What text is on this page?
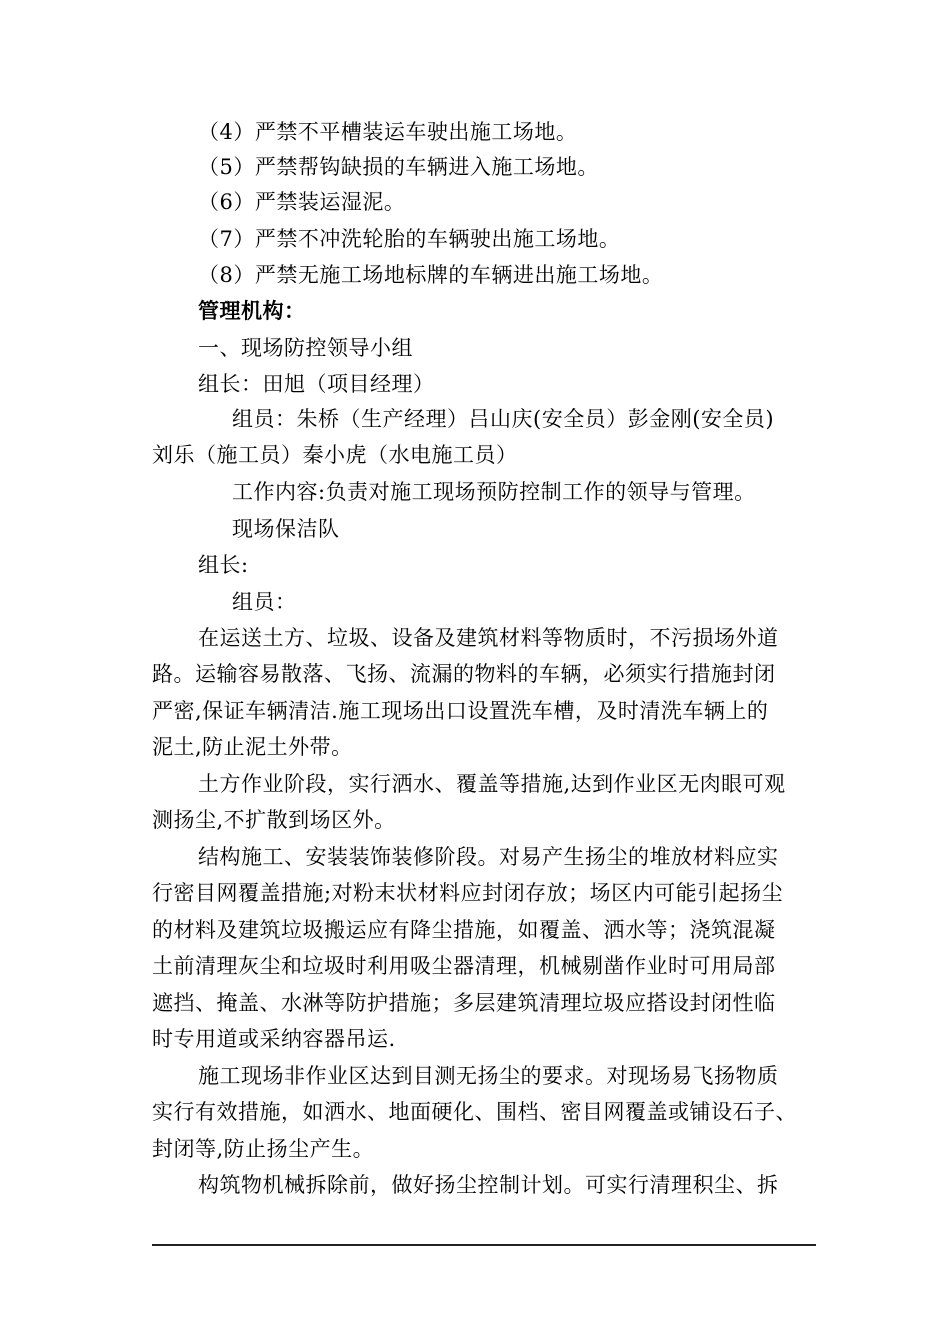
（4）严禁不平槽装运车驶出施工场地。
（5）严禁帮钩缺损的车辆进入施工场地。
（6）严禁装运湿泥。
（7）严禁不冲洗轮胎的车辆驶出施工场地。
（8）严禁无施工场地标牌的车辆进出施工场地。
管理机构：
一、现场防控领导小组
组长：田旭（项目经理）
组员：朱桥（生产经理）吕山庆(安全员）彭金刚(安全员)
刘乐（施工员）秦小虎（水电施工员）
工作内容:负责对施工现场预防控制工作的领导与管理。
现场保洁队
组长:
组员：
在运送土方、垃圾、设备及建筑材料等物质时，不污损场外道
路。运输容易散落、飞扬、流漏的物料的车辆，必须实行措施封闭
严密,保证车辆清洁.施工现场出口设置洗车槽，及时清洗车辆上的
泥土,防止泥土外带。
土方作业阶段，实行洒水、覆盖等措施,达到作业区无肉眼可观
测扬尘,不扩散到场区外。
结构施工、安装装饰装修阶段。对易产生扬尘的堆放材料应实
行密目网覆盖措施;对粉末状材料应封闭存放；场区内可能引起扬尘
的材料及建筑垃圾搬运应有降尘措施，如覆盖、洒水等；浇筑混凝
土前清理灰尘和垃圾时利用吸尘器清理，机械剔凿作业时可用局部
遮挡、掩盖、水淋等防护措施；多层建筑清理垃圾应搭设封闭性临
时专用道或采纳容器吊运.
施工现场非作业区达到目测无扬尘的要求。对现场易飞扬物质
实行有效措施，如洒水、地面硬化、围档、密目网覆盖或铺设石子、
封闭等,防止扬尘产生。
构筑物机械拆除前，做好扬尘控制计划。可实行清理积尘、拆
